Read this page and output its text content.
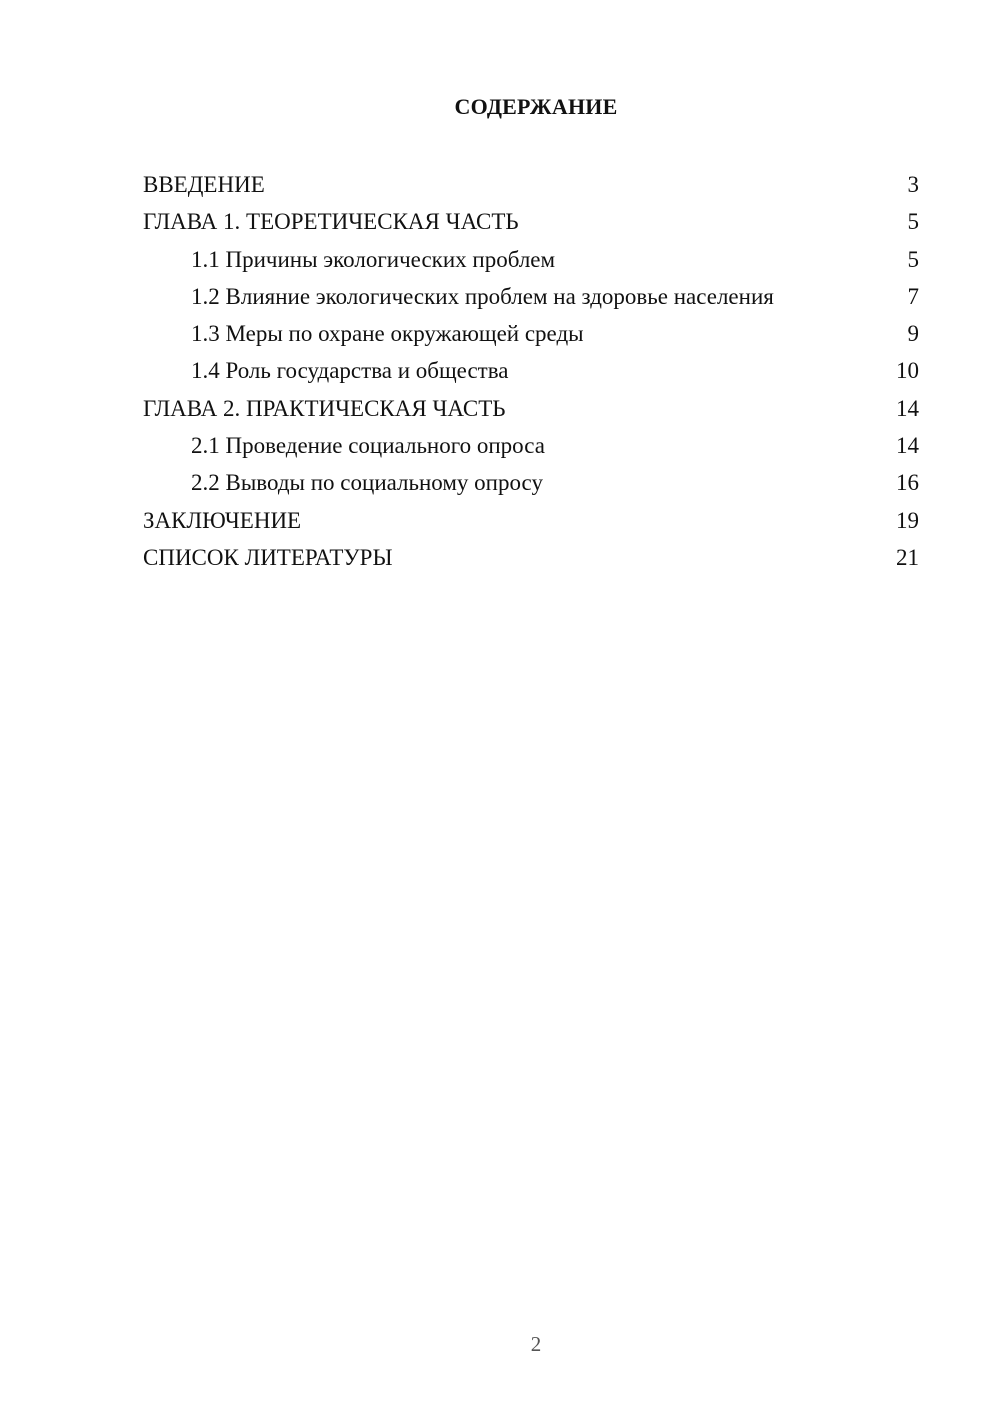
СОДЕРЖАНИЕ
ВВЕДЕНИЕ	3
ГЛАВА 1. ТЕОРЕТИЧЕСКАЯ ЧАСТЬ	5
1.1 Причины экологических проблем	5
1.2 Влияние экологических проблем на здоровье населения	7
1.3 Меры по охране окружающей среды	9
1.4 Роль государства и общества	10
ГЛАВА 2. ПРАКТИЧЕСКАЯ ЧАСТЬ	14
2.1 Проведение социального опроса	14
2.2 Выводы по социальному опросу	16
ЗАКЛЮЧЕНИЕ	19
СПИСОК ЛИТЕРАТУРЫ	21
2
